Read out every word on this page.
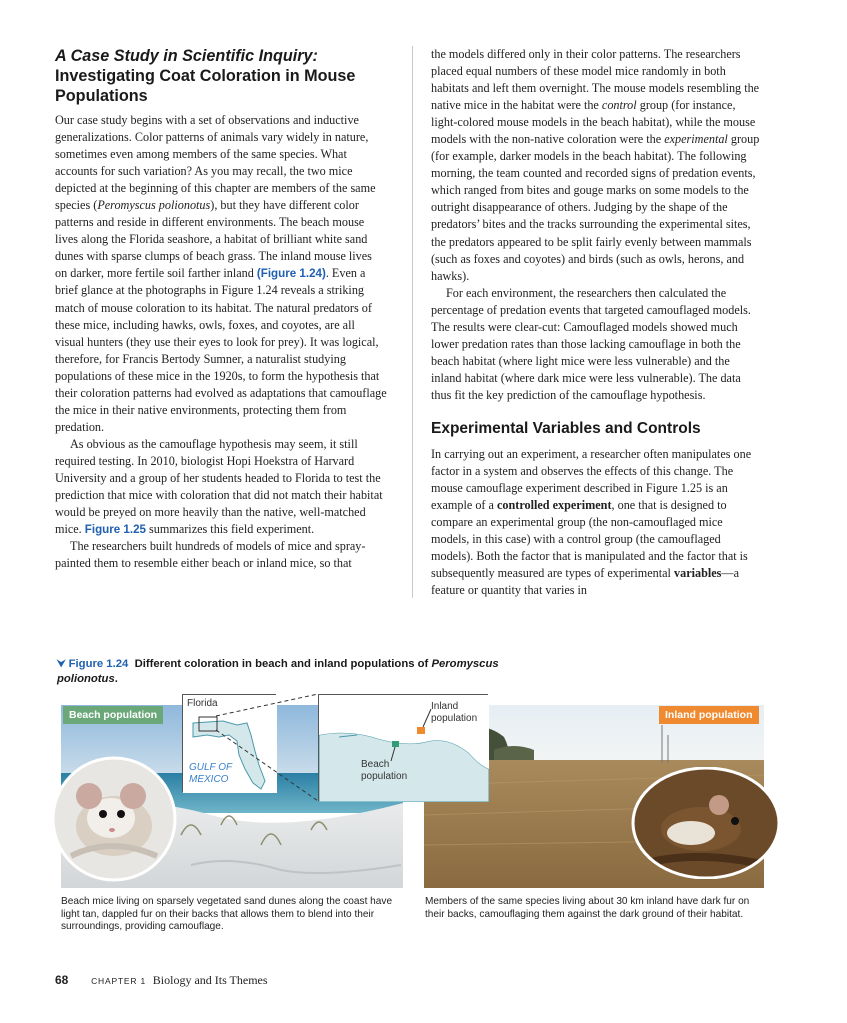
A Case Study in Scientific Inquiry:
Investigating Coat Coloration in Mouse Populations

Our case study begins with a set of observations and inductive generalizations. Color patterns of animals vary widely in nature, sometimes even among members of the same species. What accounts for such variation? As you may recall, the two mice depicted at the beginning of this chapter are members of the same species (Peromyscus polionotus), but they have different color patterns and reside in different environments. The beach mouse lives along the Florida seashore, a habitat of brilliant white sand dunes with sparse clumps of beach grass. The inland mouse lives on darker, more fertile soil farther inland (Figure 1.24). Even a brief glance at the photographs in Figure 1.24 reveals a striking match of mouse coloration to its habitat. The natural predators of these mice, including hawks, owls, foxes, and coyotes, are all visual hunters (they use their eyes to look for prey). It was logical, therefore, for Francis Bertody Sumner, a naturalist studying populations of these mice in the 1920s, to form the hypothesis that their coloration patterns had evolved as adaptations that camouflage the mice in their native environments, protecting them from predation.

As obvious as the camouflage hypothesis may seem, it still required testing. In 2010, biologist Hopi Hoekstra of Harvard University and a group of her students headed to Florida to test the prediction that mice with coloration that did not match their habitat would be preyed on more heavily than the native, well-matched mice. Figure 1.25 summarizes this field experiment.

The researchers built hundreds of models of mice and spray-painted them to resemble either beach or inland mice, so that

the models differed only in their color patterns. The researchers placed equal numbers of these model mice randomly in both habitats and left them overnight. The mouse models resembling the native mice in the habitat were the control group (for instance, light-colored mouse models in the beach habitat), while the mouse models with the non-native coloration were the experimental group (for example, darker models in the beach habitat). The following morning, the team counted and recorded signs of predation events, which ranged from bites and gouge marks on some models to the outright disappearance of others. Judging by the shape of the predators’ bites and the tracks surrounding the experimental sites, the predators appeared to be split fairly evenly between mammals (such as foxes and coyotes) and birds (such as owls, herons, and hawks).

For each environment, the researchers then calculated the percentage of predation events that targeted camouflaged models. The results were clear-cut: Camouflaged models showed much lower predation rates than those lacking camouflage in both the beach habitat (where light mice were less vulnerable) and the inland habitat (where dark mice were less vulnerable). The data thus fit the key prediction of the camouflage hypothesis.

Experimental Variables and Controls

In carrying out an experiment, a researcher often manipulates one factor in a system and observes the effects of this change. The mouse camouflage experiment described in Figure 1.25 is an example of a controlled experiment, one that is designed to compare an experimental group (the non-camouflaged mice models, in this case) with a control group (the camouflaged models). Both the factor that is manipulated and the factor that is subsequently measured are types of experimental variables—a feature or quantity that varies in

⮟ Figure 1.24 Different coloration in beach and inland populations of Peromyscus polionotus.
Beach population	Inland population
Florida
GULF OF
MEXICO
Inland
population
Beach
population
Beach mice living on sparsely vegetated sand dunes along the coast have light tan, dappled fur on their backs that allows them to blend into their surroundings, providing camouflage.
Members of the same species living about 30 km inland have dark fur on their backs, camouflaging them against the dark ground of their habitat.
68	CHAPTER 1 Biology and Its Themes
